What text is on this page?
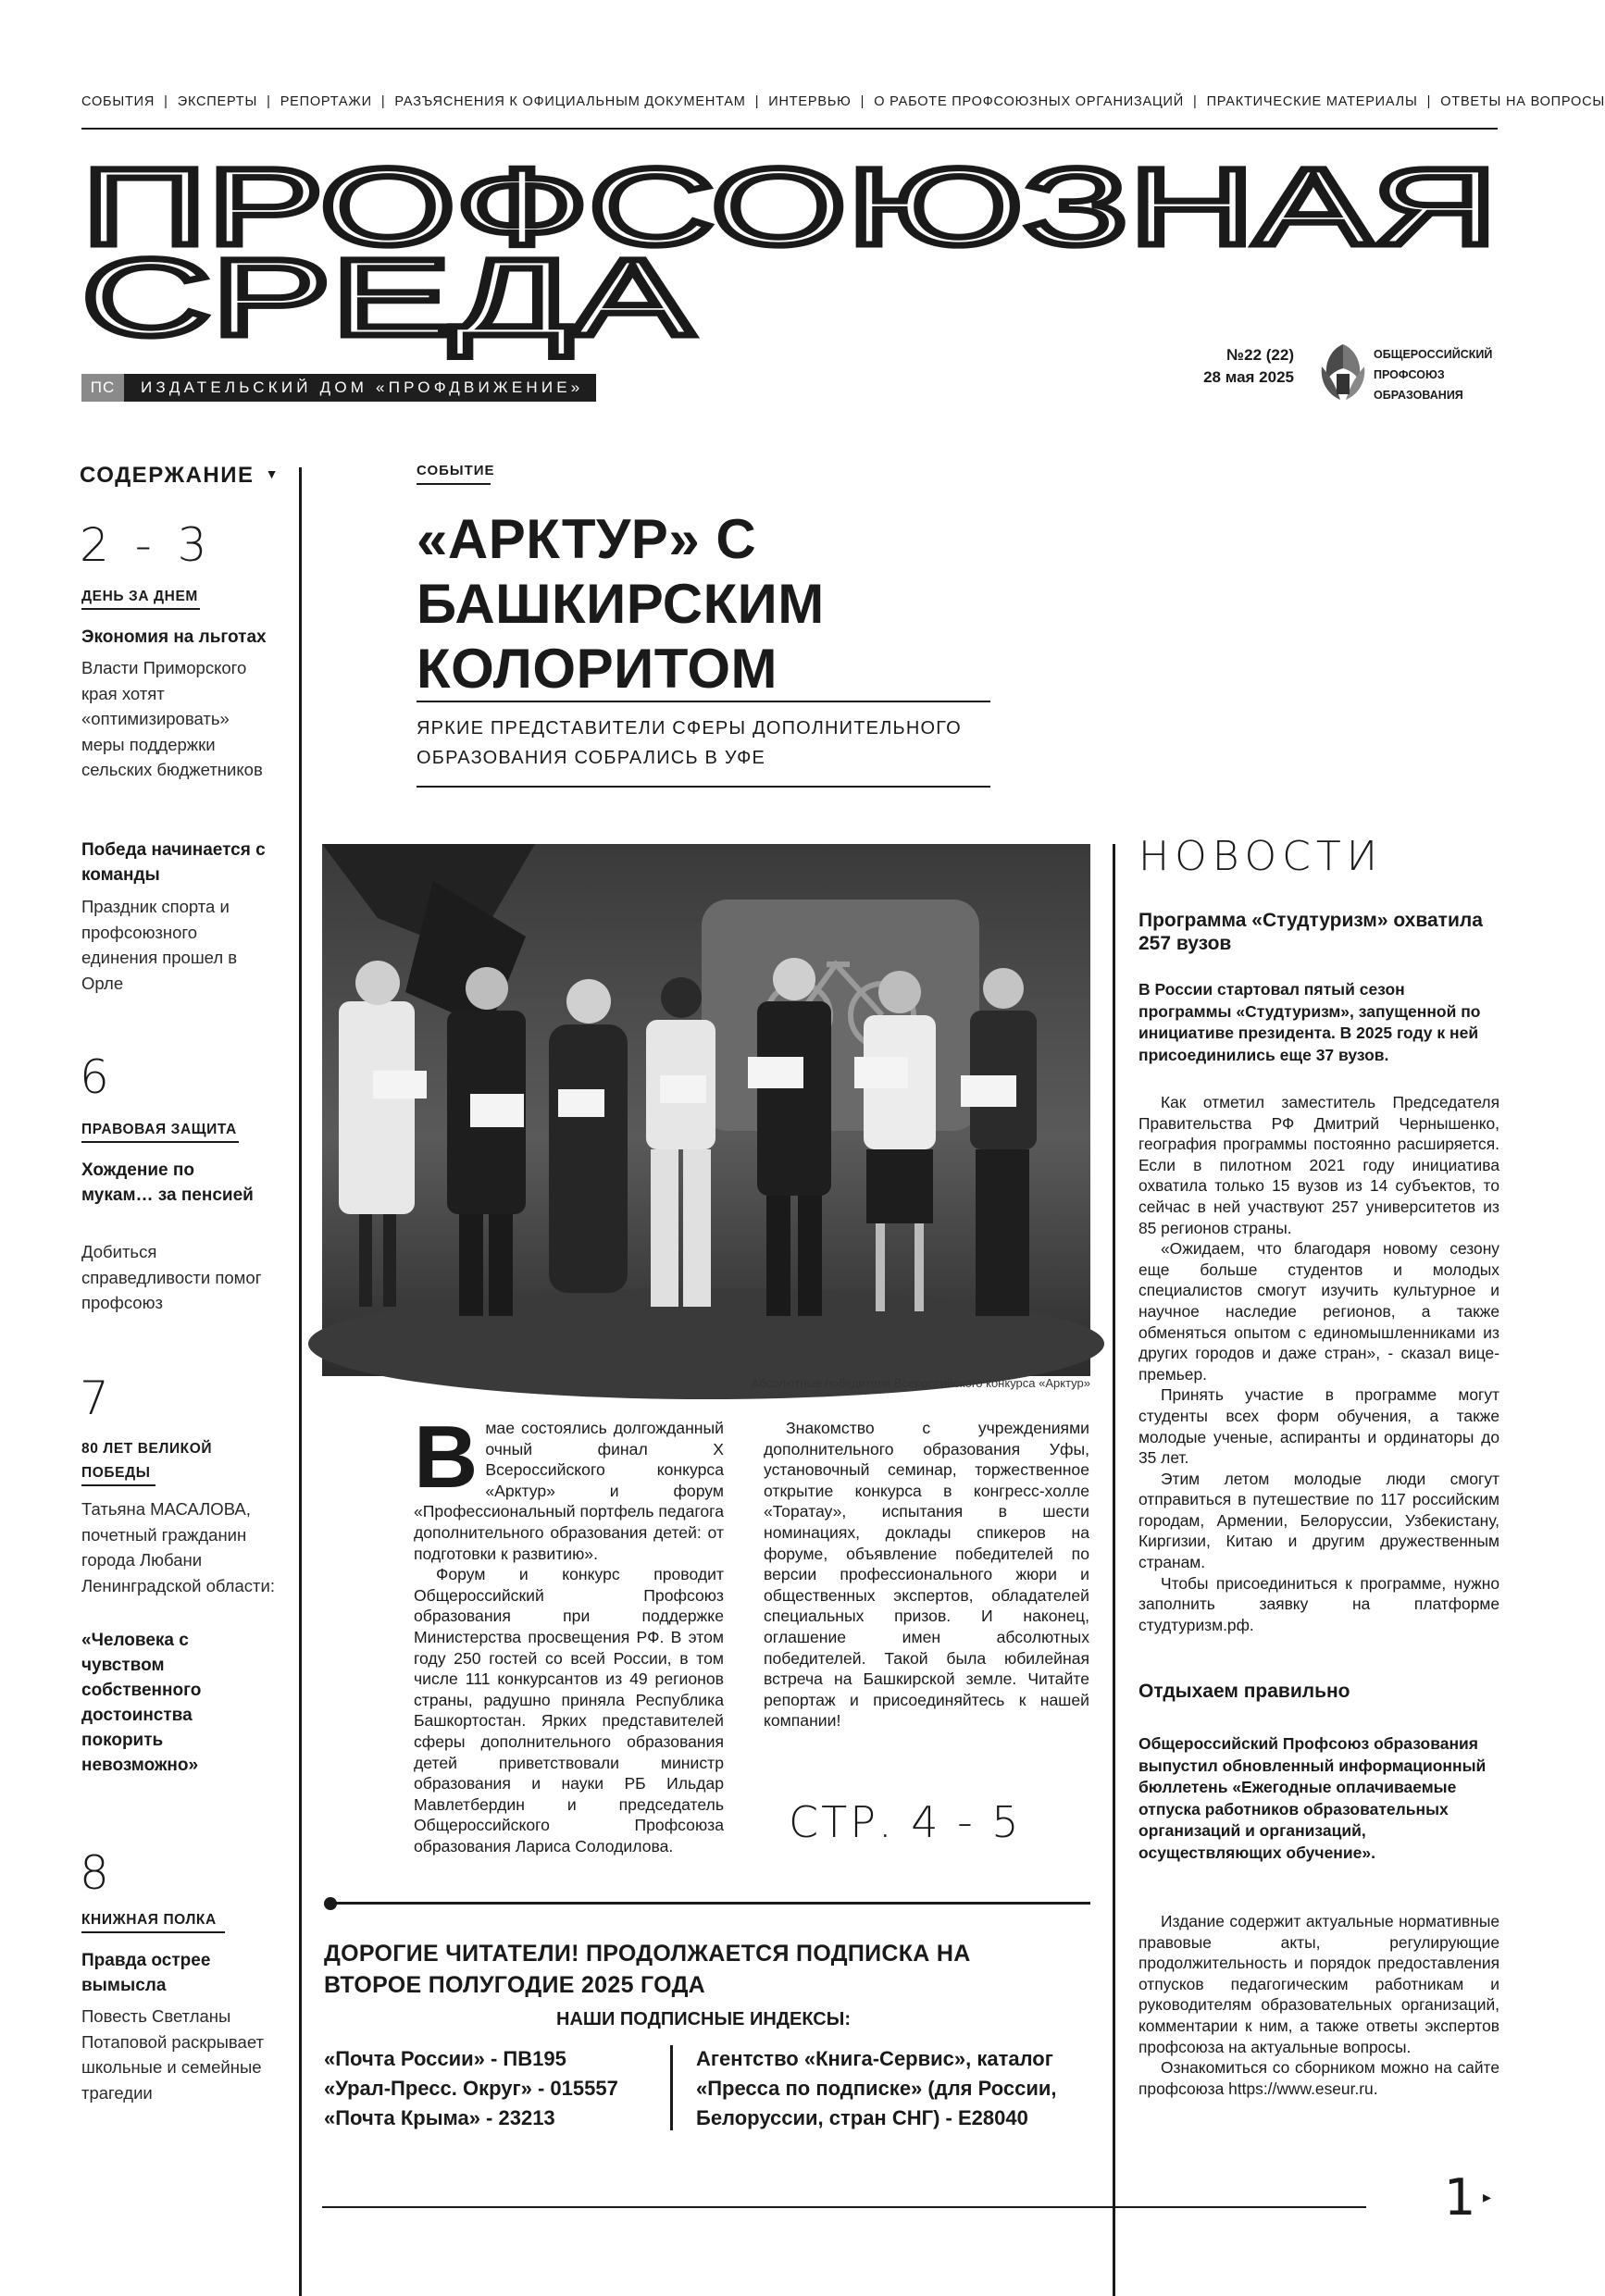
СОБЫТИЯ | ЭКСПЕРТЫ | РЕПОРТАЖИ | РАЗЪЯСНЕНИЯ К ОФИЦИАЛЬНЫМ ДОКУМЕНТАМ | ИНТЕРВЬЮ | О РАБОТЕ ПРОФСОЮЗНЫХ ОРГАНИЗАЦИЙ | ПРАКТИЧЕСКИЕ МАТЕРИАЛЫ | ОТВЕТЫ НА ВОПРОСЫ
ПРОФСОЮЗНАЯ
СРЕДА
ПС	ИЗДАТЕЛЬСКИЙ ДОМ «ПРОФДВИЖЕНИЕ»
№22 (22)
28 мая 2025
ОБЩЕРОССИЙСКИЙ ПРОФСОЮЗ ОБРАЗОВАНИЯ
СОДЕРЖАНИЕ ▼
2 - 3
ДЕНЬ ЗА ДНЕМ
Экономия на льготах
Власти Приморского края хотят «оптимизировать» меры поддержки сельских бюджетников
Победа начинается с команды
Праздник спорта и профсоюзного единения прошел в Орле
6
ПРАВОВАЯ ЗАЩИТА
Хождение по мукам… за пенсией
Добиться справедливости помог профсоюз
7
80 ЛЕТ ВЕЛИКОЙ ПОБЕДЫ
Татьяна МАСАЛОВА, почетный гражданин города Любани Ленинградской области:
«Человека с чувством собственного достоинства покорить невозможно»
8
КНИЖНАЯ ПОЛКА
Правда острее вымысла
Повесть Светланы Потаповой раскрывает школьные и семейные трагедии
СОБЫТИЕ
«АРКТУР» С БАШКИРСКИМ КОЛОРИТОМ
ЯРКИЕ ПРЕДСТАВИТЕЛИ СФЕРЫ ДОПОЛНИТЕЛЬНОГО ОБРАЗОВАНИЯ СОБРАЛИСЬ В УФЕ
Абсолютные победители Всероссийского конкурса «Арктур»
Вмае состоялись долгожданный очный финал X Всероссийского конкурса «Арктур» и форум «Профессиональный портфель педагога дополнительного образования детей: от подготовки к развитию».
Форум и конкурс проводит Общероссийский Профсоюз образования при поддержке Министерства просвещения РФ. В этом году 250 гостей со всей России, в том числе 111 конкурсантов из 49 регионов страны, радушно приняла Республика Башкортостан. Ярких представителей сферы дополнительного образования детей приветствовали министр образования и науки РБ Ильдар Мавлетбердин и председатель Общероссийского Профсоюза образования Лариса Солодилова.
Знакомство с учреждениями дополнительного образования Уфы, установочный семинар, торжественное открытие конкурса в конгресс-холле «Торатау», испытания в шести номинациях, доклады спикеров на форуме, объявление победителей по версии профессионального жюри и общественных экспертов, обладателей специальных призов. И наконец, оглашение имен абсолютных победителей. Такой была юбилейная встреча на Башкирской земле. Читайте репортаж и присоединяйтесь к нашей компании!
СТР. 4 - 5
ДОРОГИЕ ЧИТАТЕЛИ! ПРОДОЛЖАЕТСЯ ПОДПИСКА НА ВТОРОЕ ПОЛУГОДИЕ 2025 ГОДА
НАШИ ПОДПИСНЫЕ ИНДЕКСЫ:
«Почта России» - ПВ195
«Урал-Пресс. Округ» - 015557
«Почта Крыма» - 23213
Агентство «Книга-Сервис», каталог «Пресса по подписке» (для России, Белоруссии, стран СНГ) - Е28040
НОВОСТИ
Программа «Студтуризм» охватила 257 вузов
В России стартовал пятый сезон программы «Студтуризм», запущенной по инициативе президента. В 2025 году к ней присоединились еще 37 вузов.

Как отметил заместитель Председателя Правительства РФ Дмитрий Чернышенко, география программы постоянно расширяется. Если в пилотном 2021 году инициатива охватила только 15 вузов из 14 субъектов, то сейчас в ней участвуют 257 университетов из 85 регионов страны.

«Ожидаем, что благодаря новому сезону еще больше студентов и молодых специалистов смогут изучить культурное и научное наследие регионов, а также обменяться опытом с единомышленниками из других городов и даже стран», - сказал вице-премьер.

Принять участие в программе могут студенты всех форм обучения, а также молодые ученые, аспиранты и ординаторы до 35 лет.

Этим летом молодые люди смогут отправиться в путешествие по 117 российским городам, Армении, Белоруссии, Узбекистану, Киргизии, Китаю и другим дружественным странам.

Чтобы присоединиться к программе, нужно заполнить заявку на платформе студтуризм.рф.

Отдыхаем правильно
Общероссийский Профсоюз образования выпустил обновленный информационный бюллетень «Ежегодные оплачиваемые отпуска работников образовательных организаций и организаций, осуществляющих обучение».

Издание содержит актуальные нормативные правовые акты, регулирующие продолжительность и порядок предоставления отпусков педагогическим работникам и руководителям образовательных организаций, комментарии к ним, а также ответы экспертов профсоюза на актуальные вопросы.

Ознакомиться со сборником можно на сайте профсоюза https://www.eseur.ru.

1 ▸
